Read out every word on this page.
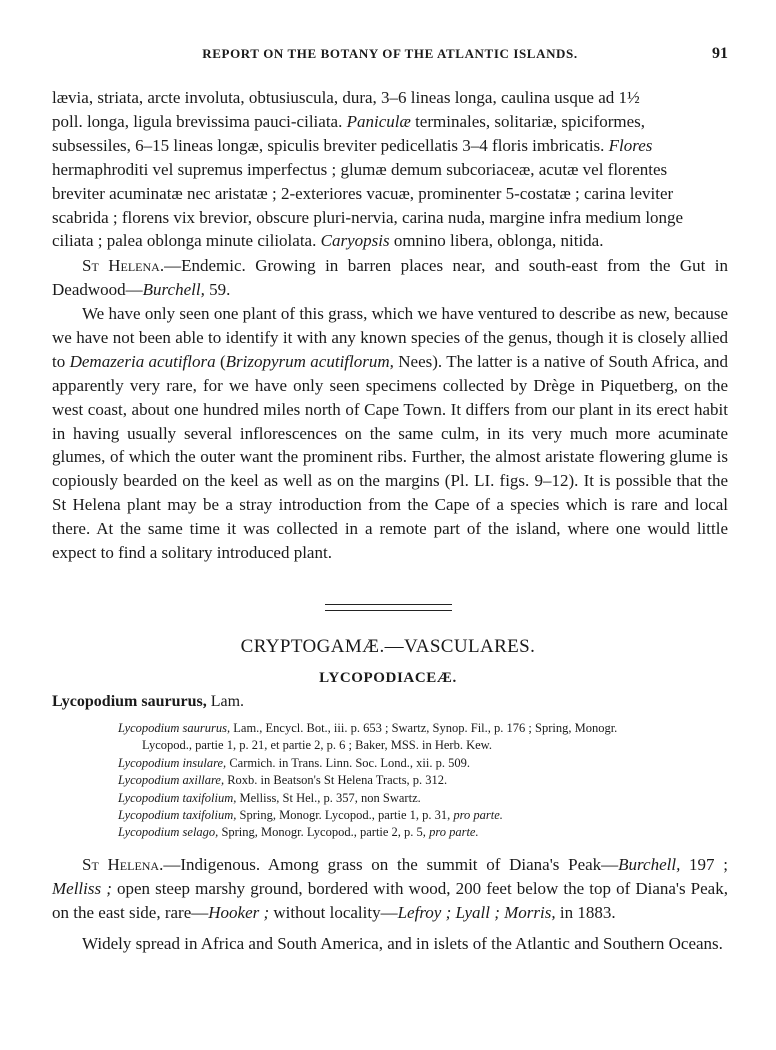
REPORT ON THE BOTANY OF THE ATLANTIC ISLANDS.	91

lævia, striata, arcte involuta, obtusiuscula, dura, 3–6 lineas longa, caulina usque ad 1½

poll. longa, ligula brevissima pauci-ciliata. Paniculæ terminales, solitariæ, spiciformes,

subsessiles, 6–15 lineas longæ, spiculis breviter pedicellatis 3–4 floris imbricatis. Flores

hermaphroditi vel supremus imperfectus ; glumæ demum subcoriaceæ, acutæ vel florentes

breviter acuminatæ nec aristatæ ; 2-exteriores vacuæ, prominenter 5-costatæ ; carina leviter

scabrida ; florens vix brevior, obscure pluri-nervia, carina nuda, margine infra medium longe

ciliata ; palea oblonga minute ciliolata. Caryopsis omnino libera, oblonga, nitida.

St Helena.—Endemic. Growing in barren places near, and south-east from the Gut in Deadwood—Burchell, 59.

We have only seen one plant of this grass, which we have ventured to describe as new, because we have not been able to identify it with any known species of the genus, though it is closely allied to Demazeria acutiflora (Brizopyrum acutiflorum, Nees). The latter is a native of South Africa, and apparently very rare, for we have only seen specimens collected by Drège in Piquetberg, on the west coast, about one hundred miles north of Cape Town. It differs from our plant in its erect habit in having usually several inflorescences on the same culm, in its very much more acuminate glumes, of which the outer want the prominent ribs. Further, the almost aristate flowering glume is copiously bearded on the keel as well as on the margins (Pl. LI. figs. 9–12). It is possible that the St Helena plant may be a stray introduction from the Cape of a species which is rare and local there. At the same time it was collected in a remote part of the island, where one would little expect to find a solitary introduced plant.

CRYPTOGAMÆ.—VASCULARES.
LYCOPODIACEÆ.
Lycopodium saururus, Lam.

Lycopodium saururus, Lam., Encycl. Bot., iii. p. 653 ; Swartz, Synop. Fil., p. 176 ; Spring, Monogr.

Lycopod., partie 1, p. 21, et partie 2, p. 6 ; Baker, MSS. in Herb. Kew.

Lycopodium insulare, Carmich. in Trans. Linn. Soc. Lond., xii. p. 509.

Lycopodium axillare, Roxb. in Beatson's St Helena Tracts, p. 312.

Lycopodium taxifolium, Melliss, St Hel., p. 357, non Swartz.

Lycopodium taxifolium, Spring, Monogr. Lycopod., partie 1, p. 31, pro parte.

Lycopodium selago, Spring, Monogr. Lycopod., partie 2, p. 5, pro parte.

St Helena.—Indigenous. Among grass on the summit of Diana's Peak—Burchell, 197 ; Melliss ; open steep marshy ground, bordered with wood, 200 feet below the top of Diana's Peak, on the east side, rare—Hooker ; without locality—Lefroy ; Lyall ; Morris, in 1883.

Widely spread in Africa and South America, and in islets of the Atlantic and Southern Oceans.
